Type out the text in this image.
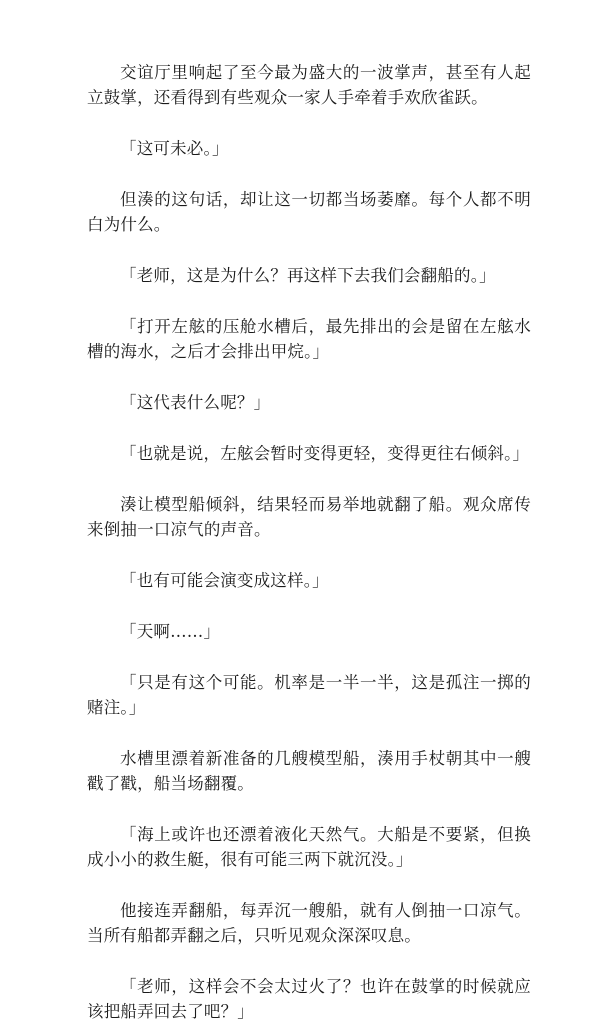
交谊厅里响起了至今最为盛大的一波掌声，甚至有人起立鼓掌，还看得到有些观众一家人手牵着手欢欣雀跃。

「这可未必。」

但湊的这句话，却让这一切都当场萎靡。每个人都不明白为什么。

「老师，这是为什么？再这样下去我们会翻船的。」

「打开左舷的压舱水槽后，最先排出的会是留在左舷水槽的海水，之后才会排出甲烷。」

「这代表什么呢？」

「也就是说，左舷会暂时变得更轻，变得更往右倾斜。」

湊让模型船倾斜，结果轻而易举地就翻了船。观众席传来倒抽一口凉气的声音。

「也有可能会演变成这样。」

「天啊……」

「只是有这个可能。机率是一半一半，这是孤注一掷的赌注。」

水槽里漂着新准备的几艘模型船，湊用手杖朝其中一艘戳了戳，船当场翻覆。

「海上或许也还漂着液化天然气。大船是不要紧，但换成小小的救生艇，很有可能三两下就沉没。」

他接连弄翻船，每弄沉一艘船，就有人倒抽一口凉气。当所有船都弄翻之后，只听见观众深深叹息。

「老师，这样会不会太过火了？也许在鼓掌的时候就应该把船弄回去了吧？」
